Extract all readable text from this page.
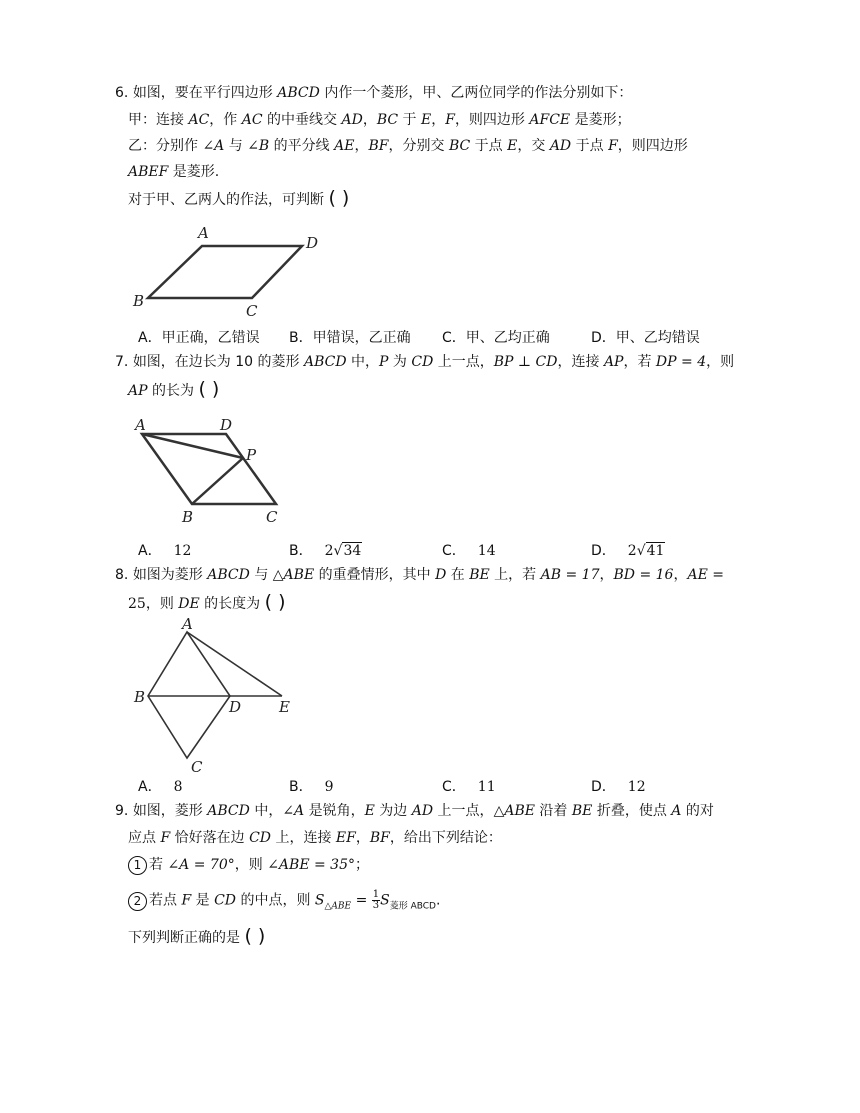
6. 如图，要在平行四边形 ABCD 内作一个菱形，甲、乙两位同学的作法分别如下：
甲：连接 AC，作 AC 的中垂线交 AD，BC 于 E，F，则四边形 AFCE 是菱形；
乙：分别作 ∠A 与 ∠B 的平分线 AE，BF，分别交 BC 于点 E，交 AD 于点 F，则四边形
ABEF 是菱形.
对于甲、乙两人的作法，可判断 ( )
A
D
B
C
A．甲正确，乙错误 B．甲错误，乙正确 C．甲、乙均正确	D．甲、乙均错误
7. 如图，在边长为 10 的菱形 ABCD 中，P 为 CD 上一点，BP ⊥ CD，连接 AP，若 DP = 4，则
AP 的长为 ( )
A	D
P
B	C
A． 12	B． 2√34	C． 14	D． 2√41
8. 如图为菱形 ABCD 与 △ABE 的重叠情形，其中 D 在 BE 上，若 AB = 17，BD = 16，AE =
25，则 DE 的长度为 ( )
A
B
D	E
C
A． 8	B． 9	C． 11	D． 12
9. 如图，菱形 ABCD 中，∠A 是锐角，E 为边 AD 上一点，△ABE 沿着 BE 折叠，使点 A 的对
应点 F 恰好落在边 CD 上，连接 EF，BF，给出下列结论：
1 若 ∠A = 70°，则 ∠ABE = 35°；
2 若点 F 是 CD 的中点，则 $S_{\triangle ABE} = \frac{1}{3} S_{菱形 ABCD}$.
下列判断正确的是 ( )
